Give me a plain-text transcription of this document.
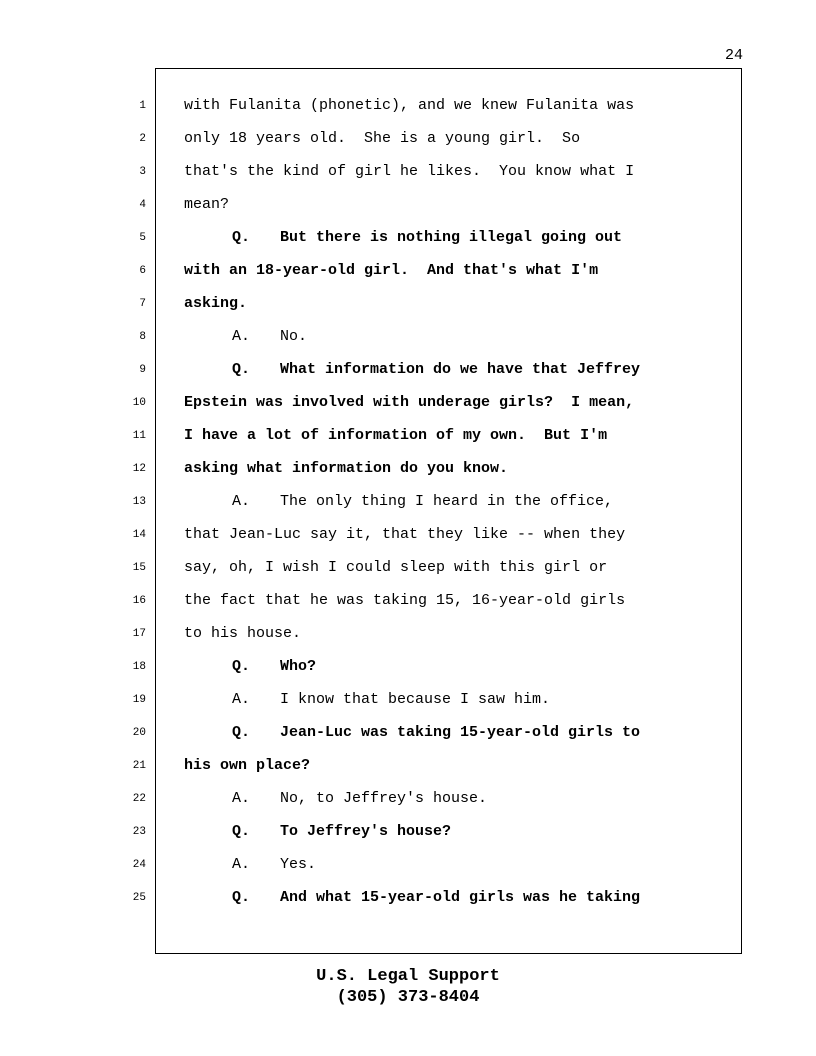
24
1
2
3
4
5
6
7
8
9
10
11
12
13
14
15
16
17
18
19
20
21
22
23
24
25
with Fulanita (phonetic), and we knew Fulanita was
only 18 years old.  She is a young girl.  So
that's the kind of girl he likes.  You know what I
mean?
Q. But there is nothing illegal going out
with an 18-year-old girl.  And that's what I'm
asking.
A. No.
Q. What information do we have that Jeffrey
Epstein was involved with underage girls?  I mean,
I have a lot of information of my own.  But I'm
asking what information do you know.
A. The only thing I heard in the office,
that Jean-Luc say it, that they like -- when they
say, oh, I wish I could sleep with this girl or
the fact that he was taking 15, 16-year-old girls
to his house.
Q. Who?
A. I know that because I saw him.
Q. Jean-Luc was taking 15-year-old girls to
his own place?
A. No, to Jeffrey's house.
Q. To Jeffrey's house?
A. Yes.
Q. And what 15-year-old girls was he taking
U.S. Legal Support
(305) 373-8404
